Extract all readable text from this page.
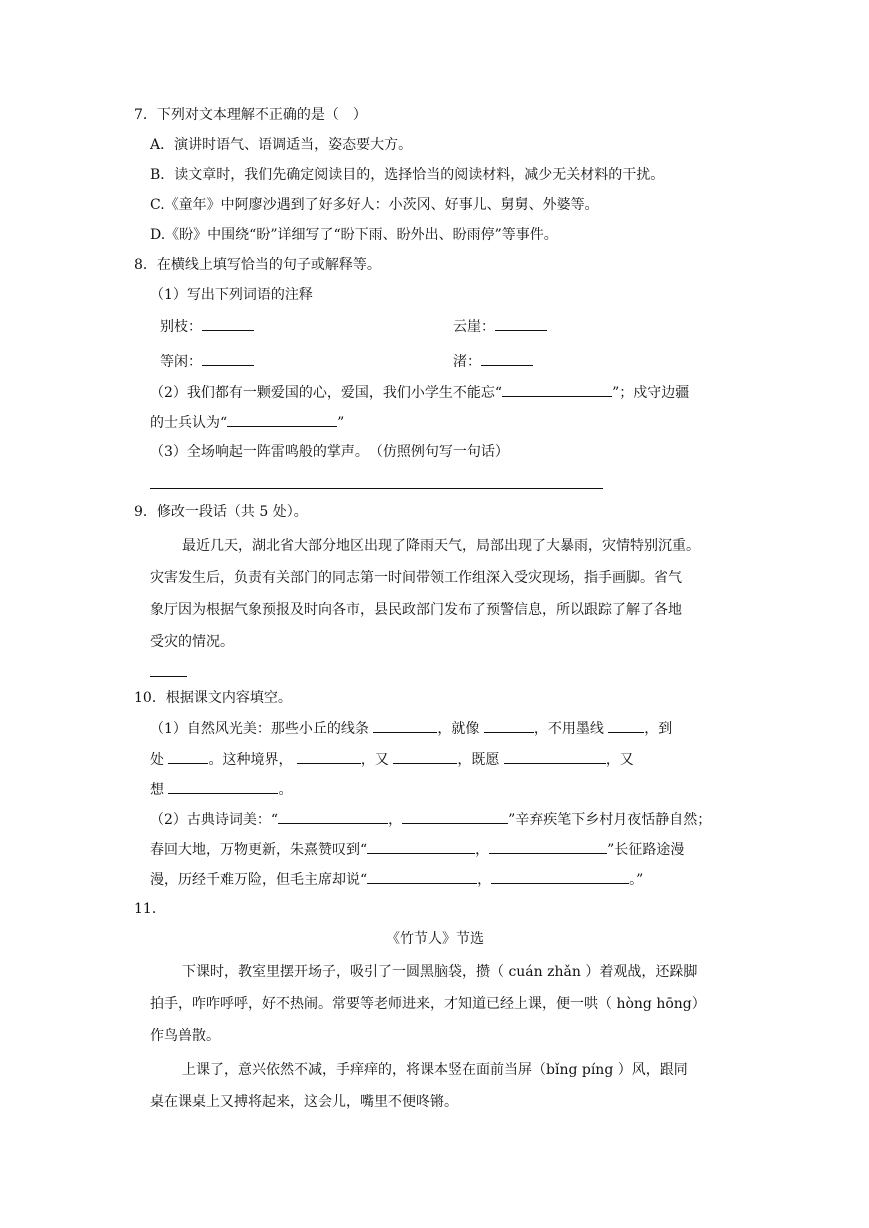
7．下列对文本理解不正确的是（　）
A．演讲时语气、语调适当，姿态要大方。
B．读文章时，我们先确定阅读目的，选择恰当的阅读材料，减少无关材料的干扰。
C.《童年》中阿廖沙遇到了好多好人：小茨冈、好事儿、舅舅、外婆等。
D.《盼》中围绕“盼”详细写了“盼下雨、盼外出、盼雨停”等事件。
8．在横线上填写恰当的句子或解释等。
（1）写出下列词语的注释
别枝：	云崖：
等闲：	渚：
（2）我们都有一颗爱国的心，爱国，我们小学生不能忘“	”；戍守边疆
的士兵认为“	”
（3）全场响起一阵雷鸣般的掌声。　（仿照例句写一句话）
9．修改一段话（共 5 处）。
最近几天，湖北省大部分地区出现了降雨天气，局部出现了大暴雨，灾情特别沉重。
灾害发生后，负责有关部门的同志第一时间带领工作组深入受灾现场，指手画脚。省气
象厅因为根据气象预报及时向各市，县民政部门发布了预警信息，所以跟踪了解了各地
受灾的情况。
10．根据课文内容填空。
（1）自然风光美：那些小丘的线条	，就像	，不用墨线	，到
处	。这种境界，	，又	，既愿	，又
想	。
（2）古典诗词美：“	，	”辛弃疾笔下乡村月夜恬静自然；
春回大地，万物更新，朱熹赞叹到“	，	”长征路途漫
漫，历经千难万险，但毛主席却说“	，	。”
11．
《竹节人》节选
下课时，教室里摆开场子，吸引了一圆黑脑袋，攒（ cuán zhǎn ）着观战，还跺脚
拍手，咋咋呼呼，好不热闹。常要等老师进来，才知道已经上课，便一哄（ hòng hōng）
作鸟兽散。
上课了，意兴依然不减，手痒痒的，将课本竖在面前当屏（bǐng píng ）风，跟同
桌在课桌上又搏将起来，这会儿，嘴里不便咚锵。
